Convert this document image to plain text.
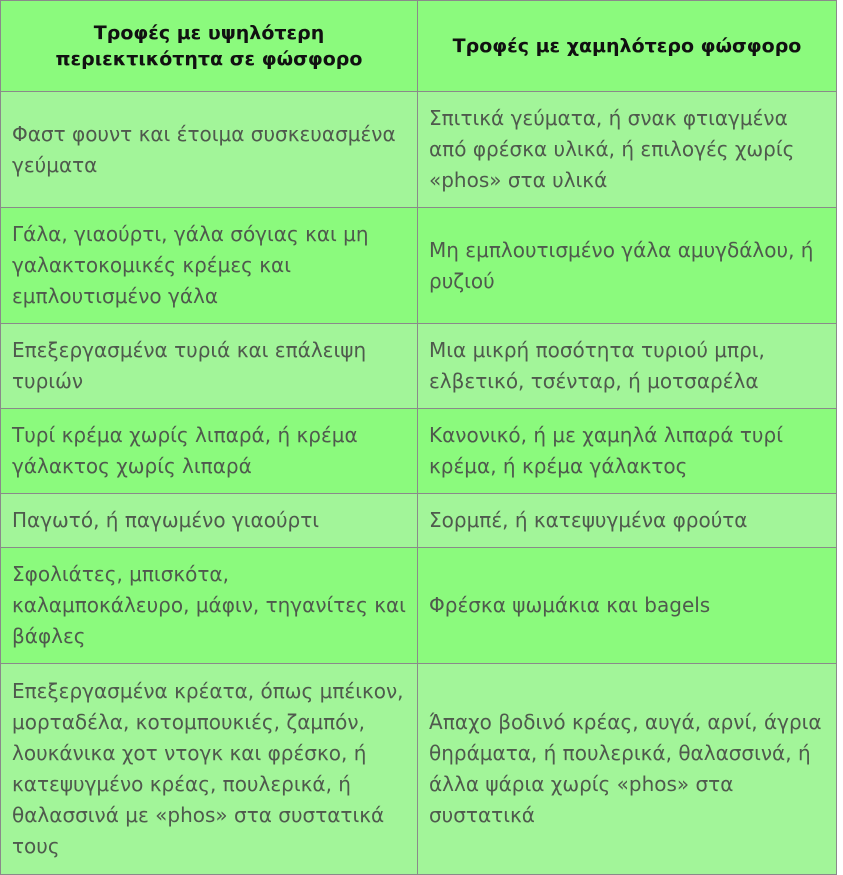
Τροφές με υψηλότερη περιεκτικότητα σε φώσφορο	Τροφές με χαμηλότερο φώσφορο
Φαστ φουντ και έτοιμα συσκευασμένα γεύματα	Σπιτικά γεύματα, ή σνακ φτιαγμένα από φρέσκα υλικά, ή επιλογές χωρίς «phos» στα υλικά
Γάλα, γιαούρτι, γάλα σόγιας και μη γαλακτοκομικές κρέμες και εμπλουτισμένο γάλα	Μη εμπλουτισμένο γάλα αμυγδάλου, ή ρυζιού
Επεξεργασμένα τυριά και επάλειψη τυριών	Μια μικρή ποσότητα τυριού μπρι, ελβετικό, τσένταρ, ή μοτσαρέλα
Τυρί κρέμα χωρίς λιπαρά, ή κρέμα γάλακτος χωρίς λιπαρά	Κανονικό, ή με χαμηλά λιπαρά τυρί κρέμα, ή κρέμα γάλακτος
Παγωτό, ή παγωμένο γιαούρτι	Σορμπέ, ή κατεψυγμένα φρούτα
Σφολιάτες, μπισκότα, καλαμποκάλευρο, μάφιν, τηγανίτες και βάφλες	Φρέσκα ψωμάκια και bagels
Επεξεργασμένα κρέατα, όπως μπέικον, μορταδέλα, κοτομπουκιές, ζαμπόν, λουκάνικα χοτ ντογκ και φρέσκο, ή κατεψυγμένο κρέας, πουλερικά, ή θαλασσινά με «phos» στα συστατικά τους	Άπαχο βοδινό κρέας, αυγά, αρνί, άγρια θηράματα, ή πουλερικά, θαλασσινά, ή άλλα ψάρια χωρίς «phos» στα συστατικά
